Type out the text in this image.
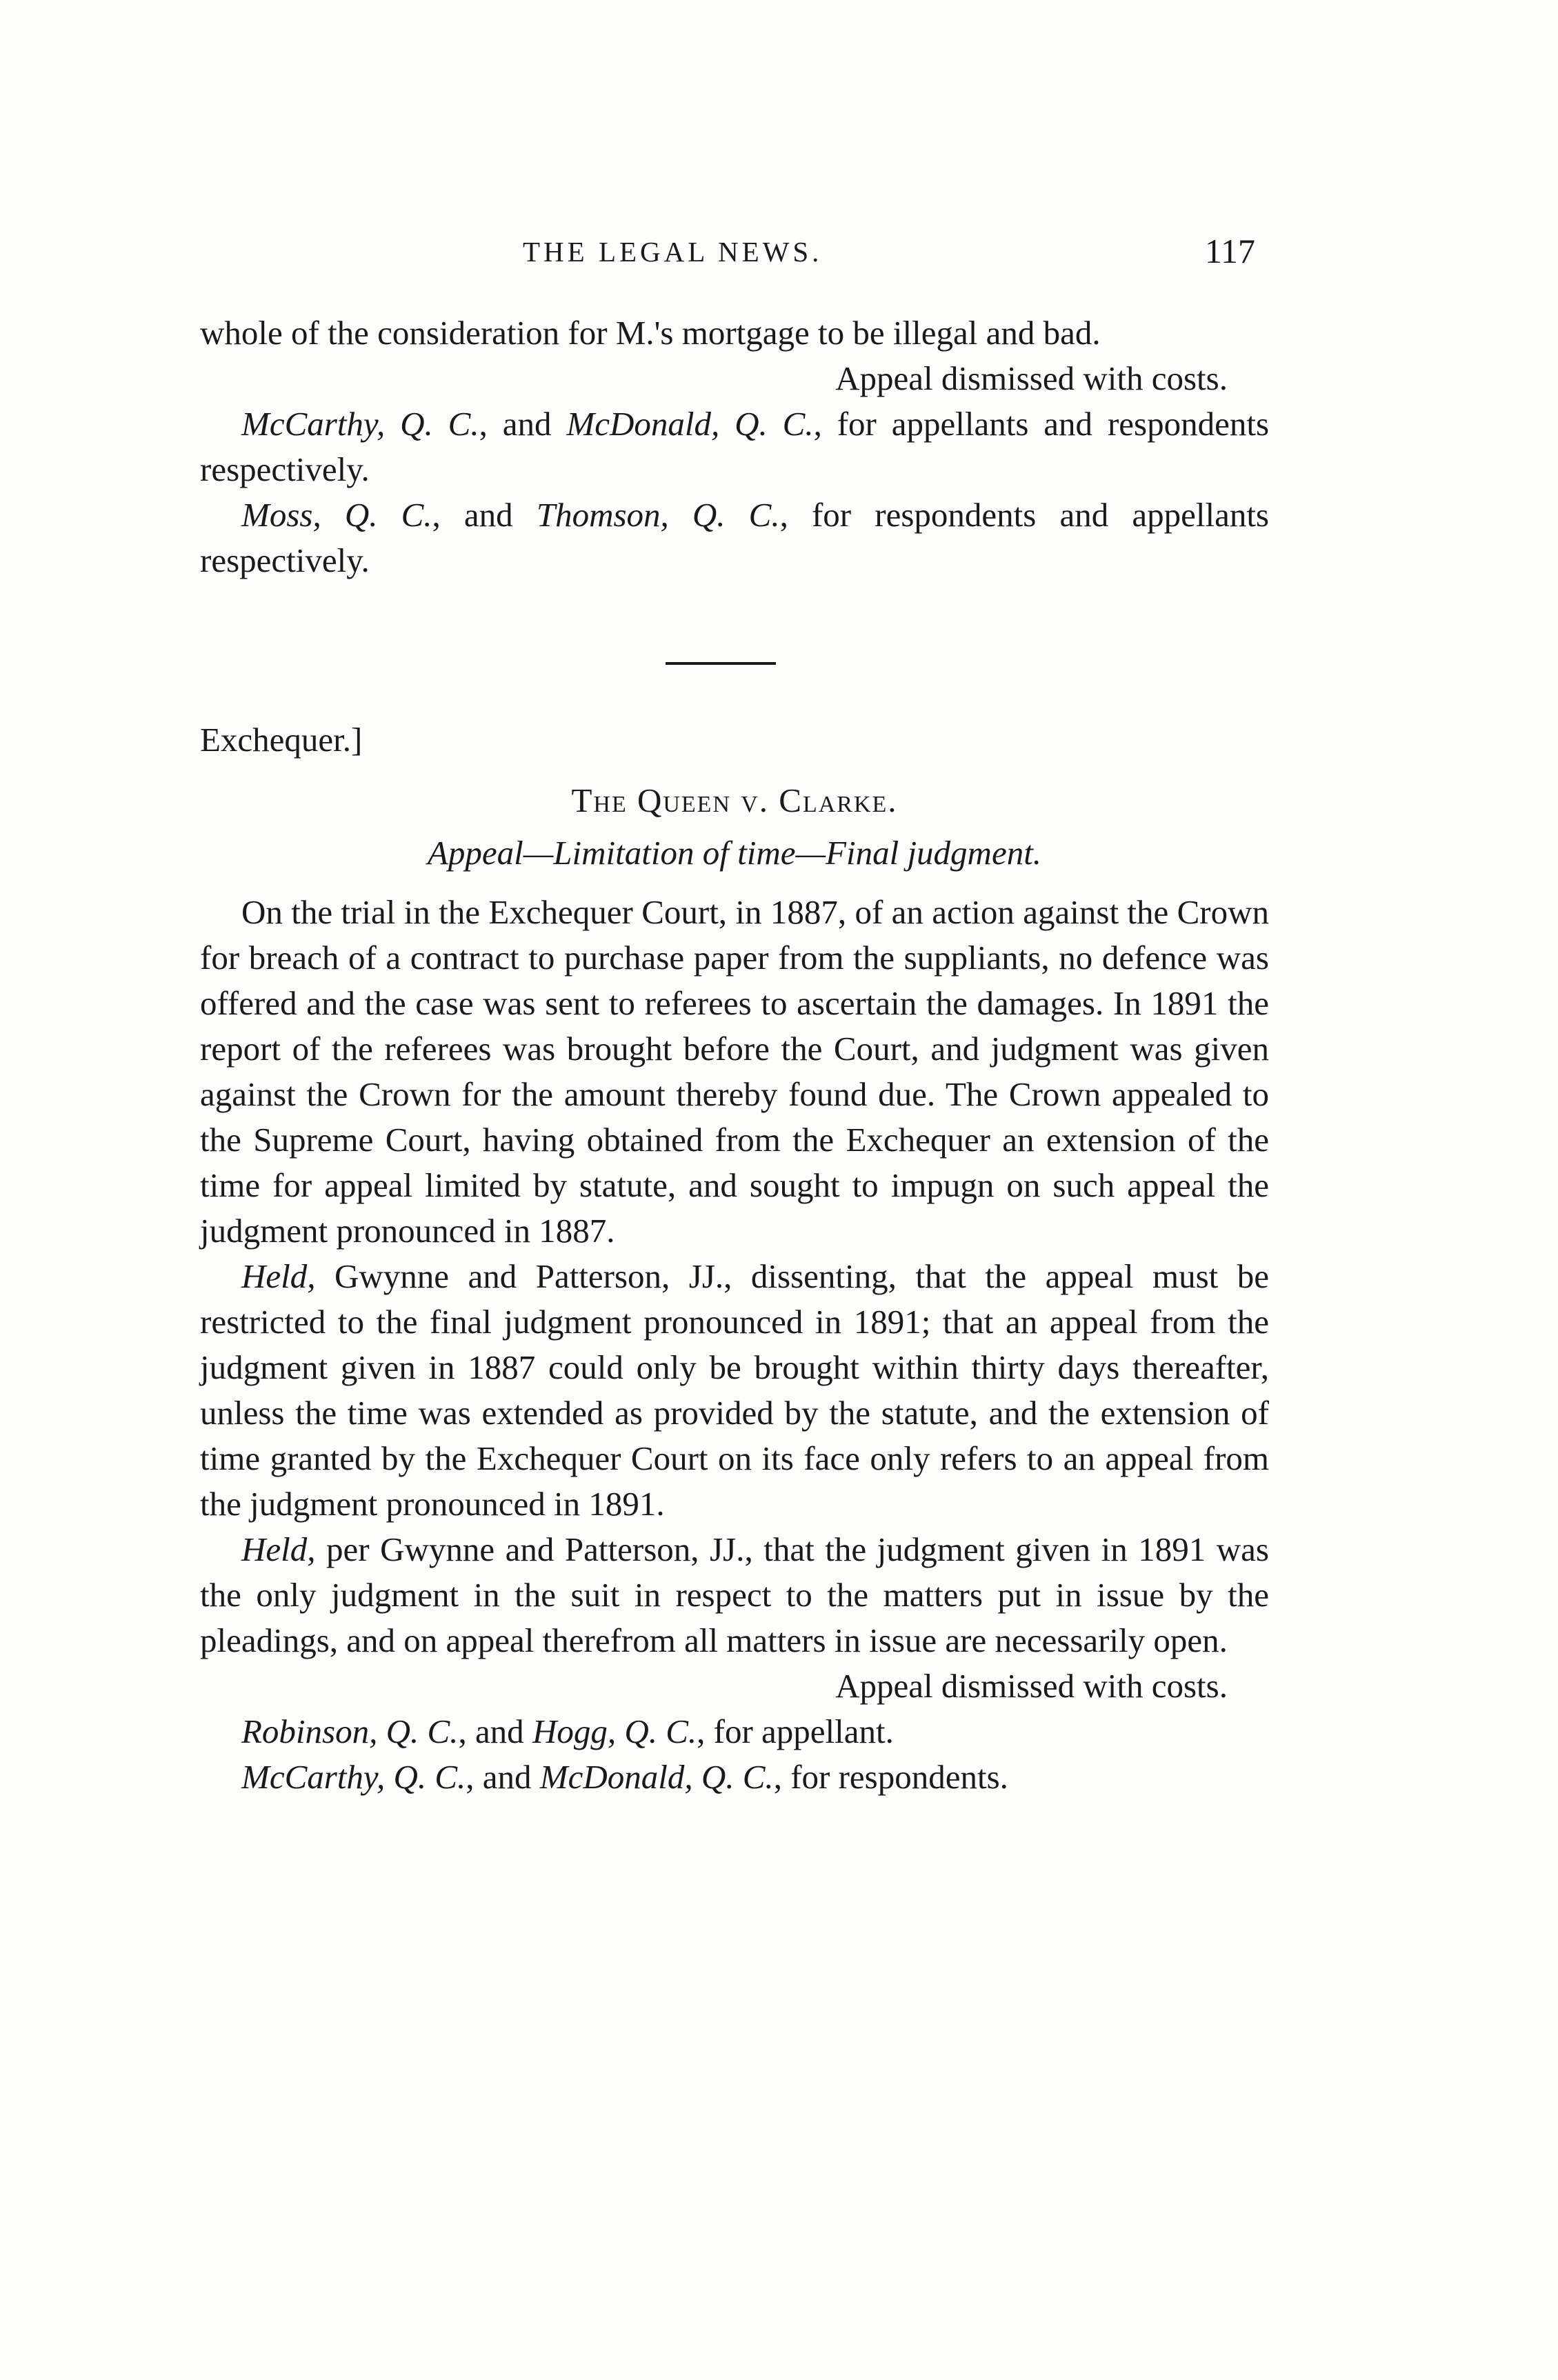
THE LEGAL NEWS.	117

whole of the consideration for M.'s mortgage to be illegal and bad.

Appeal dismissed with costs.

McCarthy, Q. C., and McDonald, Q. C., for appellants and respondents respectively.

Moss, Q. C., and Thomson, Q. C., for respondents and appellants respectively.

Exchequer.]

The Queen v. Clarke.

Appeal—Limitation of time—Final judgment.

On the trial in the Exchequer Court, in 1887, of an action against the Crown for breach of a contract to purchase paper from the suppliants, no defence was offered and the case was sent to referees to ascertain the damages. In 1891 the report of the referees was brought before the Court, and judgment was given against the Crown for the amount thereby found due. The Crown appealed to the Supreme Court, having obtained from the Exchequer an extension of the time for appeal limited by statute, and sought to impugn on such appeal the judgment pronounced in 1887.

Held, Gwynne and Patterson, JJ., dissenting, that the appeal must be restricted to the final judgment pronounced in 1891; that an appeal from the judgment given in 1887 could only be brought within thirty days thereafter, unless the time was extended as provided by the statute, and the extension of time granted by the Exchequer Court on its face only refers to an appeal from the judgment pronounced in 1891.

Held, per Gwynne and Patterson, JJ., that the judgment given in 1891 was the only judgment in the suit in respect to the matters put in issue by the pleadings, and on appeal therefrom all matters in issue are necessarily open.

Appeal dismissed with costs.

Robinson, Q. C., and Hogg, Q. C., for appellant.

McCarthy, Q. C., and McDonald, Q. C., for respondents.
